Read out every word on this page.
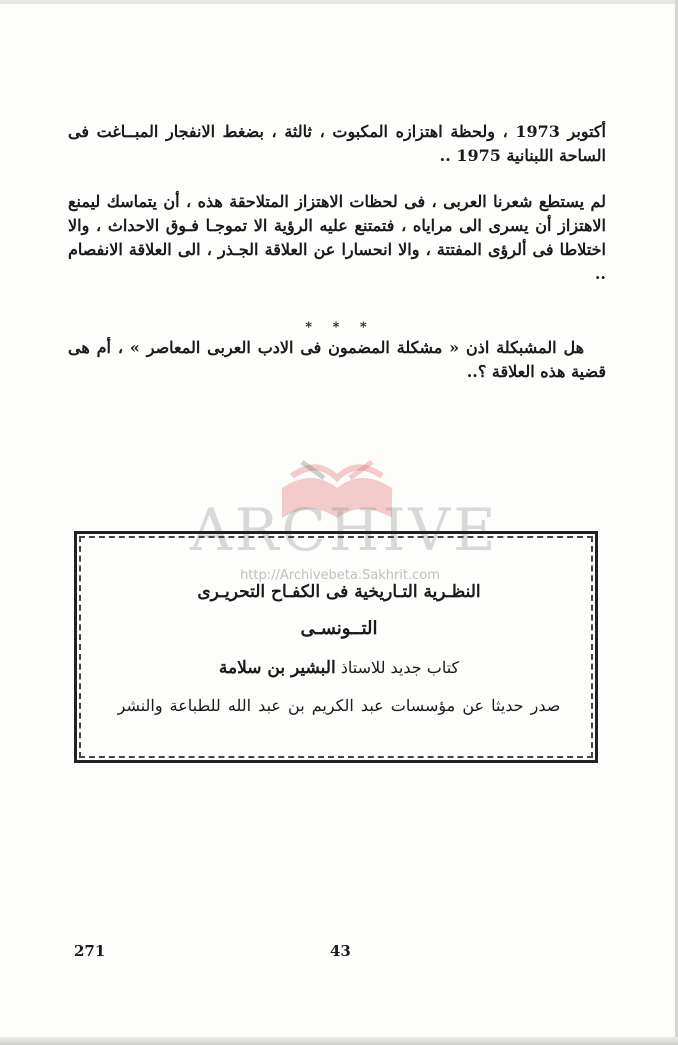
أكتوبر 1973 ، ولحظة اهتزازه المكبوت ، ثالثة ، بضغط الانفجار المبــاغت فى الساحة اللبنانية 1975 ..

لم يستطع شعرنا العربى ، فى لحظات الاهتزاز المتلاحقة هذه ، أن يتماسك ليمنع الاهتزاز أن يسرى الى مراياه ، فتمتنع عليه الرؤية الا تموجـا فـوق الاحداث ، والا اختلاطا فى ألرؤى المفتتة ، والا انحسارا عن العلاقة الجـذر ، الى العلاقة الانفصام ..

* * *

هل المشبكلة اذن « مشكلة المضمون فى الادب العربى المعاصر » ، أم هى قضية هذه العلاقة ؟..

ARCHIVE
http://Archivebeta.Sakhrit.com

النظـرية التـاريخية فى الكفـاح التحريـرى

التــونسـى

كتاب جديد للاستاذ البشير بن سلامة

صدر حديثا عن مؤسسات عبد الكريم بن عبد الله للطباعة والنشر

271	43
